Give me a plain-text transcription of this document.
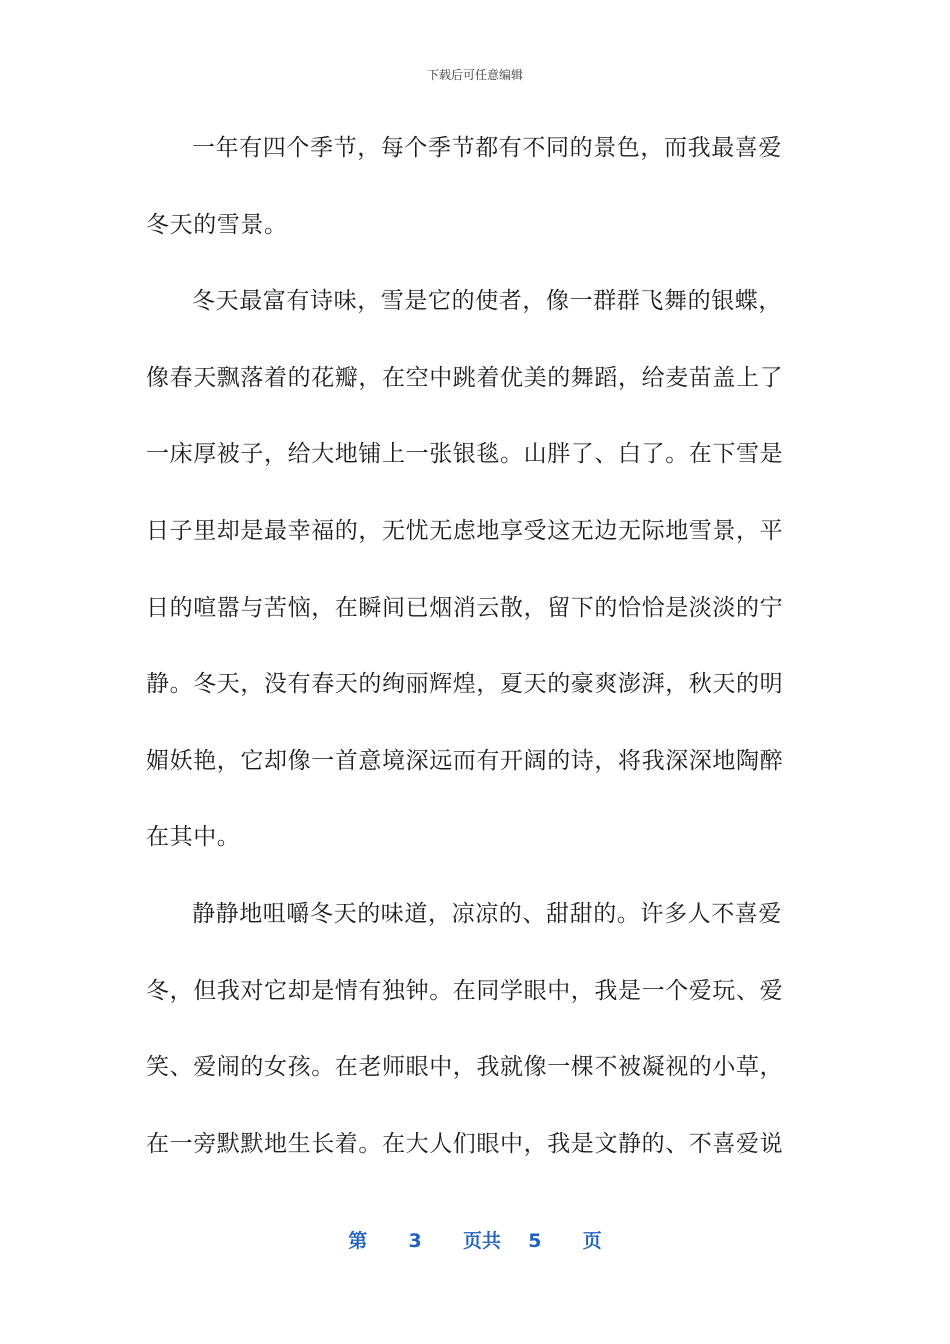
下载后可任意编辑
一年有四个季节，每个季节都有不同的景色，而我最喜爱
冬天的雪景。
冬天最富有诗味，雪是它的使者，像一群群飞舞的银蝶，
像春天飘落着的花瓣，在空中跳着优美的舞蹈，给麦苗盖上了
一床厚被子，给大地铺上一张银毯。山胖了、白了。在下雪是
日子里却是最幸福的，无忧无虑地享受这无边无际地雪景，平
日的喧嚣与苦恼，在瞬间已烟消云散，留下的恰恰是淡淡的宁
静。冬天，没有春天的绚丽辉煌，夏天的豪爽澎湃，秋天的明
媚妖艳，它却像一首意境深远而有开阔的诗，将我深深地陶醉
在其中。
静静地咀嚼冬天的味道，凉凉的、甜甜的。许多人不喜爱
冬，但我对它却是情有独钟。在同学眼中，我是一个爱玩、爱
笑、爱闹的女孩。在老师眼中，我就像一棵不被凝视的小草，
在一旁默默地生长着。在大人们眼中，我是文静的、不喜爱说
第 3 页共 5 页
